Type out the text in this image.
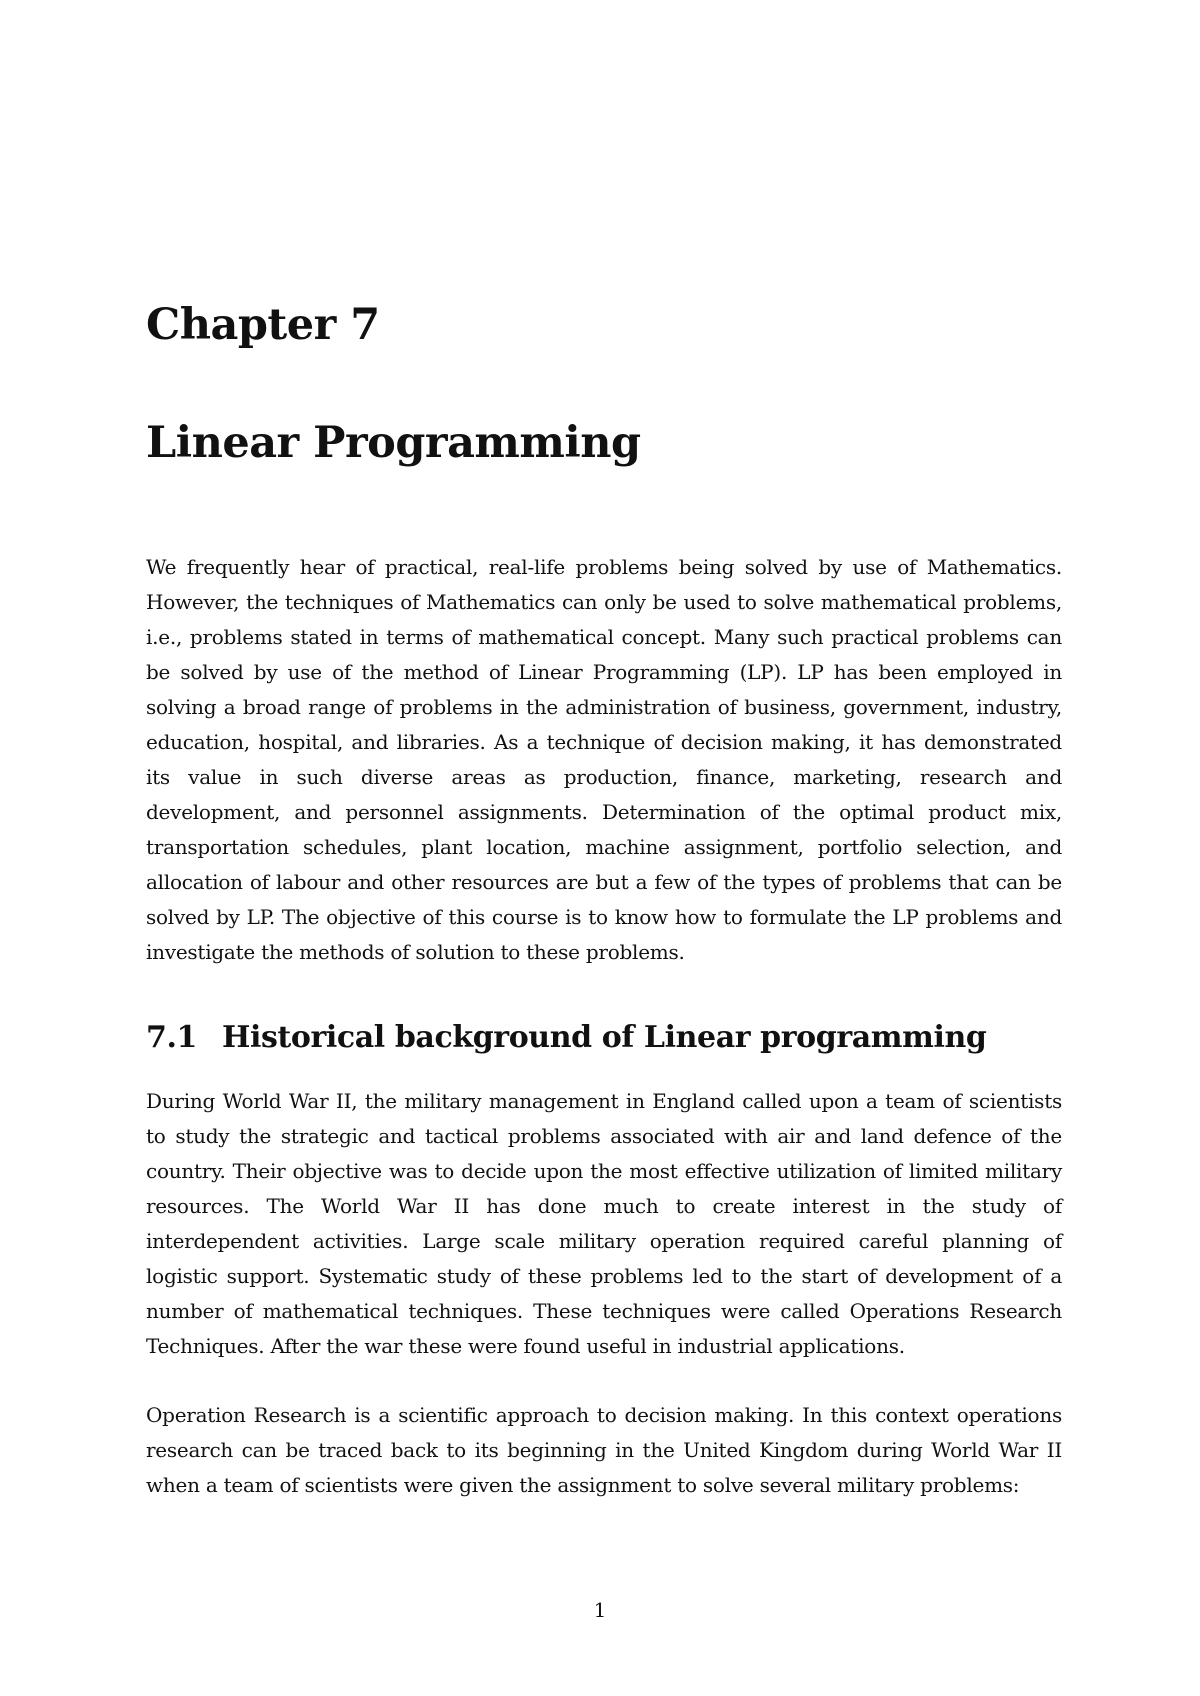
Chapter 7
Linear Programming

We frequently hear of practical, real-life problems being solved by use of Mathematics. However, the techniques of Mathematics can only be used to solve mathematical problems, i.e., problems stated in terms of mathematical concept. Many such practical problems can be solved by use of the method of Linear Programming (LP). LP has been employed in solving a broad range of problems in the administration of business, government, industry, education, hospital, and libraries. As a technique of decision making, it has demonstrated its value in such diverse areas as production, finance, marketing, research and development, and personnel assignments. Determination of the optimal product mix, transportation schedules, plant location, machine assignment, portfolio selection, and allocation of labour and other resources are but a few of the types of problems that can be solved by LP. The objective of this course is to know how to formulate the LP problems and investigate the methods of solution to these problems.

7.1 Historical background of Linear programming

During World War II, the military management in England called upon a team of scientists to study the strategic and tactical problems associated with air and land defence of the country. Their objective was to decide upon the most effective utilization of limited military resources. The World War II has done much to create interest in the study of interdependent activities. Large scale military operation required careful planning of logistic support. Systematic study of these problems led to the start of development of a number of mathematical techniques. These techniques were called Operations Research Techniques. After the war these were found useful in industrial applications.

Operation Research is a scientific approach to decision making. In this context operations research can be traced back to its beginning in the United Kingdom during World War II when a team of scientists were given the assignment to solve several military problems:

1
